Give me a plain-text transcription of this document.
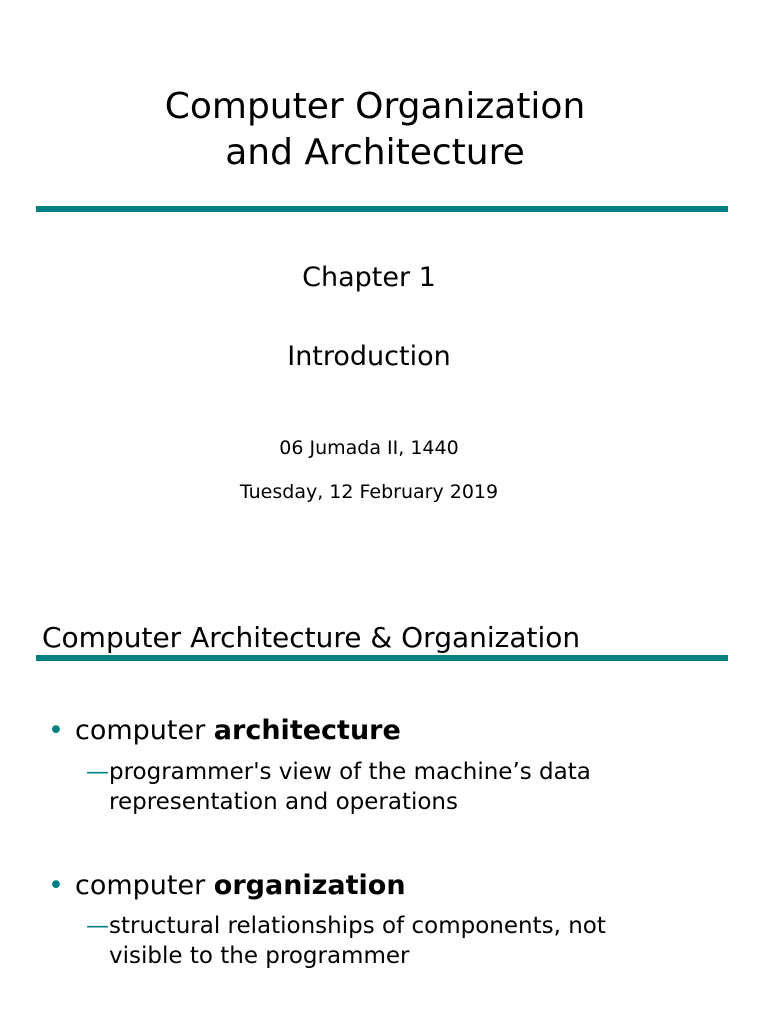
Computer Organization
and Architecture
Chapter 1
Introduction
06 Jumada II, 1440
Tuesday, 12 February 2019
Computer Architecture & Organization
• computer architecture
— programmer's view of the machine’s data
representation and operations
• computer organization
— structural relationships of components, not
visible to the programmer
